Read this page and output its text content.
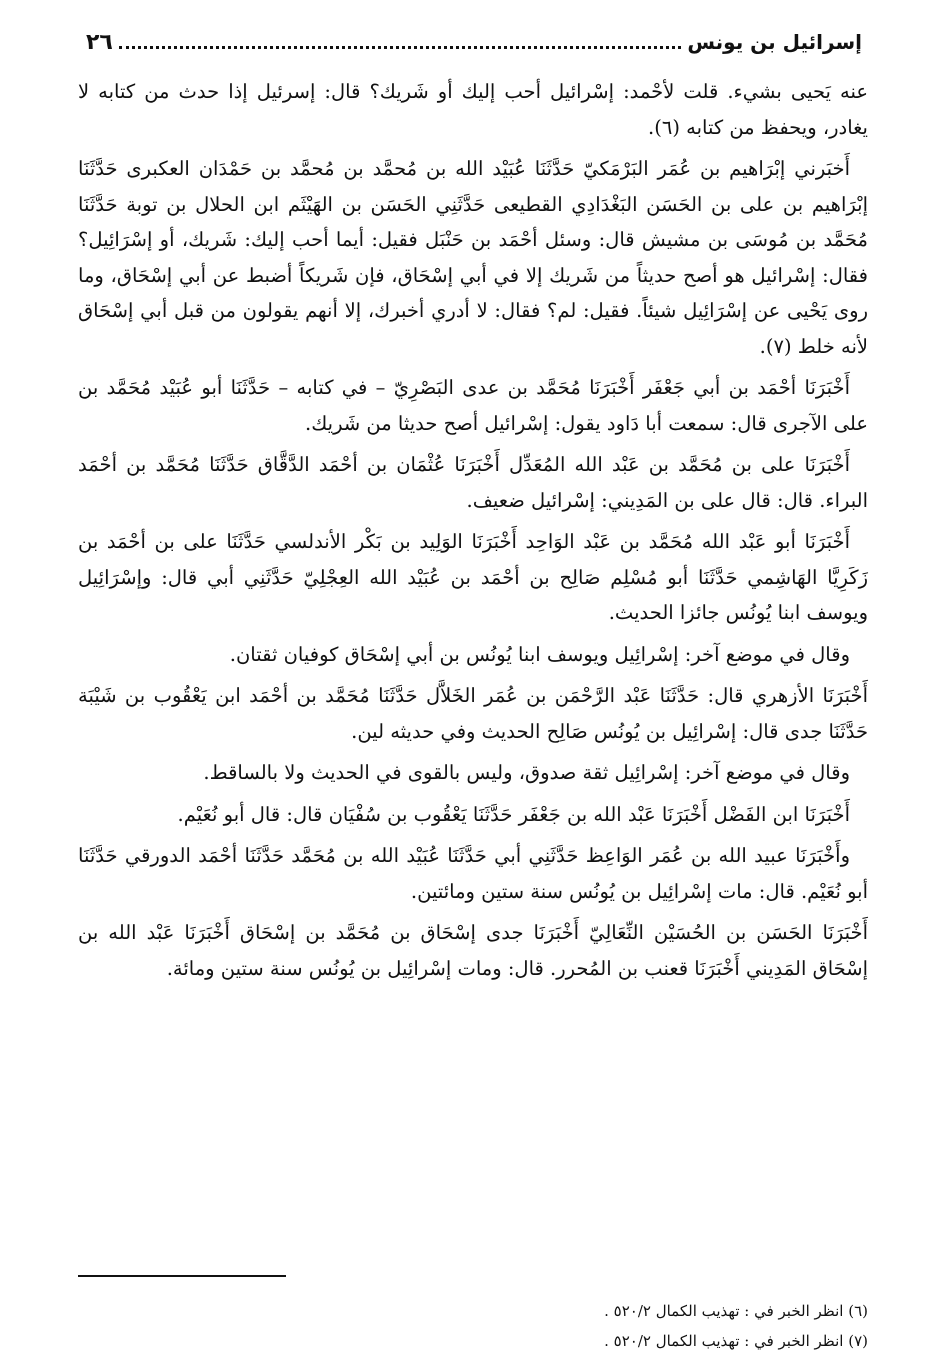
إسرائيل بن يونس
٢٦

عنه يَحيى بشيء. قلت لأحْمد: إسْرائيل أحب إليك أو شَريك؟ قال: إسرئيل إذا حدث من كتابه لا يغادر، ويحفظ من كتابه (٦).

أَخبَرني إبْرَاهيم بن عُمَر البَرْمَكيّ حَدَّثَنَا عُبَيْد الله بن مُحمَّد بن مُحمَّد بن حَمْدَان العكبرى حَدَّثَنَا إبْرَاهيم بن على بن الحَسَن البَغْدَادِي القطيعى حَدَّثَنِي الحَسَن بن الهَيْثَم ابن الحلال بن توبة حَدَّثَنَا مُحَمَّد بن مُوسَى بن مشيش قال: وسئل أحْمَد بن حَنْبَل فقيل: أيما أحب إليك: شَريك، أو إسْرَائِيل؟ فقال: إسْرائيل هو أصح حديثاً من شَريك إلا في أبي إسْحَاق، فإن شَريكاً أضبط عن أبي إسْحَاق، وما روى يَحْيى عن إسْرَائِيل شيئاً. فقيل: لم؟ فقال: لا أدري أخبرك، إلا أنهم يقولون من قبل أبي إسْحَاق لأنه خلط (٧).

أَخْبَرَنَا أحْمَد بن أبي جَعْفَر أَخْبَرَنَا مُحَمَّد بن عدى البَصْرِيّ – في كتابه – حَدَّثَنَا أبو عُبَيْد مُحَمَّد بن على الآجرى قال: سمعت أبا دَاود يقول: إسْرائيل أصح حديثا من شَريك.

أَخْبَرَنَا على بن مُحَمَّد بن عَبْد الله المُعَدِّل أَخْبَرَنَا عُثْمَان بن أحْمَد الدَّقَّاق حَدَّثَنَا مُحَمَّد بن أحْمَد البراء. قال: قال على بن المَدِيني: إسْرائيل ضعيف.

أَخْبَرَنَا أبو عَبْد الله مُحَمَّد بن عَبْد الوَاحِد أَخْبَرَنَا الوَلِيد بن بَكْر الأندلسي حَدَّثَنَا على بن أحْمَد بن زَكَرِيَّا الهَاشِمي حَدَّثَنَا أبو مُسْلِم صَالِح بن أحْمَد بن عُبَيْد الله العِجْلِيّ حَدَّثَنِي أبي قال: وإسْرَائِيل ويوسف ابنا يُونُس جائزا الحديث.

وقال في موضع آخر: إسْرائِيل ويوسف ابنا يُونُس بن أبي إسْحَاق كوفيان ثقتان.

أَخْبَرَنَا الأزهري قال: حَدَّثَنَا عَبْد الرَّحْمَن بن عُمَر الخَلاَّل حَدَّثَنَا مُحَمَّد بن أحْمَد ابن يَعْقُوب بن شَيْبَة حَدَّثَنَا جدى قال: إسْرائِيل بن يُونُس صَالِح الحديث وفي حديثه لين.

وقال في موضع آخر: إسْرائِيل ثقة صدوق، وليس بالقوى في الحديث ولا بالساقط.

أَخْبَرَنَا ابن الفَضْل أَخْبَرَنَا عَبْد الله بن جَعْفَر حَدَّثَنَا يَعْقُوب بن سُفْيَان قال: قال أبو نُعَيْم.

وأَخْبَرَنَا عبيد الله بن عُمَر الوَاعِظ حَدَّثَنِي أبي حَدَّثَنَا عُبَيْد الله بن مُحَمَّد حَدَّثَنَا أحْمَد الدورقي حَدَّثَنَا أبو نُعَيْم. قال: مات إسْرائِيل بن يُونُس سنة ستين ومائتين.

أَخْبَرَنَا الحَسَن بن الحُسَيْن النِّعَالِيّ أَخْبَرَنَا جدى إسْحَاق بن مُحَمَّد بن إسْحَاق أَخْبَرَنَا عَبْد الله بن إسْحَاق المَدِيني أَخْبَرَنَا قعنب بن المُحرر. قال: ومات إسْرائِيل بن يُونُس سنة ستين ومائة.

(٦) انظر الخبر في : تهذيب الكمال ٥٢٠/٢ .

(٧) انظر الخبر في : تهذيب الكمال ٥٢٠/٢ .
